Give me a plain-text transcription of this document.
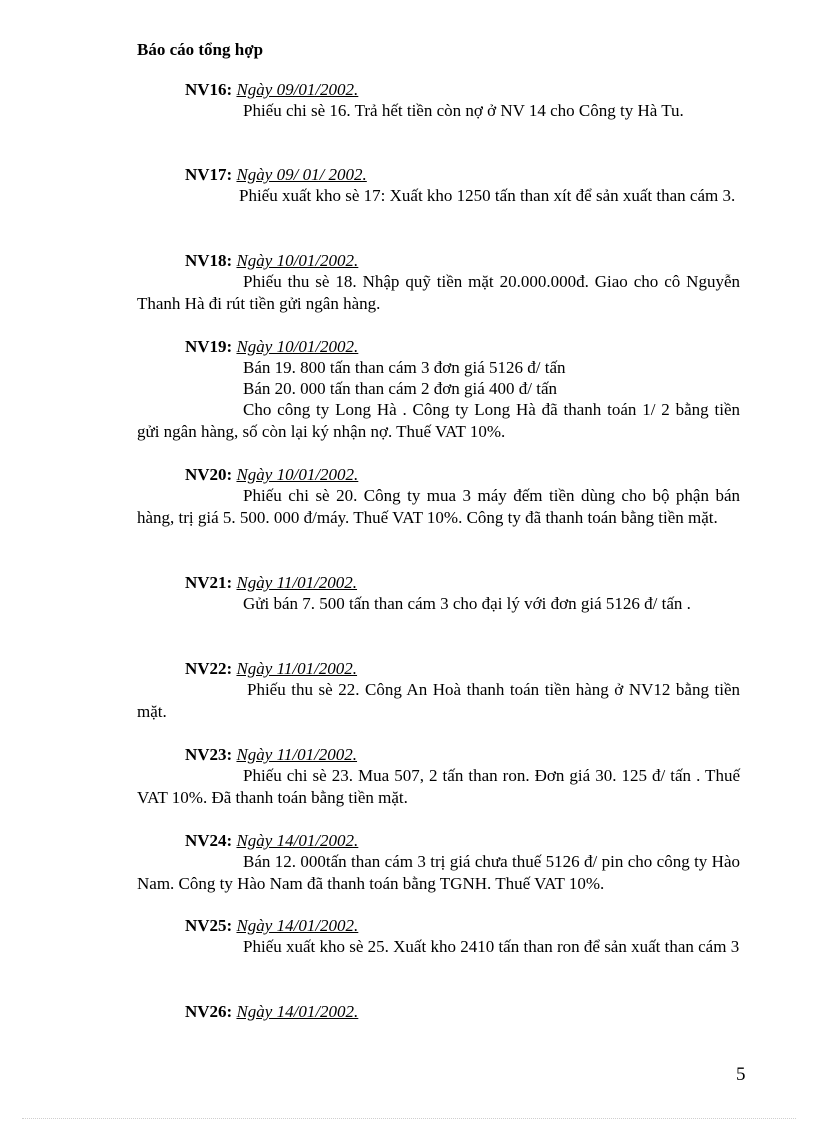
Báo cáo tổng hợp

NV16: Ngày 09/01/2002.

Phiếu chi sè 16. Trả hết tiền còn nợ ở NV 14 cho Công ty Hà Tu.

NV17: Ngày 09/ 01/ 2002.

Phiếu xuất kho sè 17: Xuất kho 1250 tấn than xít để sản xuất than cám 3.

NV18: Ngày 10/01/2002.

Phiếu thu sè 18. Nhập quỹ tiền mặt 20.000.000đ. Giao cho cô Nguyễn Thanh Hà đi rút tiền gửi ngân hàng.

NV19: Ngày 10/01/2002.

Bán 19. 800 tấn than cám 3 đơn giá 5126 đ/ tấn

Bán 20. 000 tấn than cám 2 đơn giá 400 đ/ tấn

Cho công ty Long Hà . Công ty Long Hà đã thanh toán 1/ 2 bằng tiền gửi ngân hàng, số còn lại ký nhận nợ. Thuế VAT 10%.

NV20: Ngày 10/01/2002.

Phiếu chi sè 20. Công ty mua 3 máy đếm tiền dùng cho bộ phận bán hàng, trị giá 5. 500. 000 đ/máy. Thuế VAT 10%. Công ty đã thanh toán bằng tiền mặt.

NV21: Ngày 11/01/2002.

Gửi bán 7. 500 tấn than cám 3 cho đại lý với đơn giá 5126 đ/ tấn .

NV22: Ngày 11/01/2002.

Phiếu thu sè 22. Công An Hoà thanh toán tiền hàng ở NV12 bằng tiền mặt.

NV23: Ngày 11/01/2002.

Phiếu chi sè 23. Mua 507, 2 tấn than ron. Đơn giá 30. 125 đ/ tấn . Thuế VAT 10%. Đã thanh toán bằng tiền mặt.

NV24: Ngày 14/01/2002.

Bán 12. 000tấn than cám 3 trị giá chưa thuế 5126 đ/ pin cho công ty Hào Nam. Công ty Hào Nam đã thanh toán bằng TGNH. Thuế VAT 10%.

NV25: Ngày 14/01/2002.

Phiếu xuất kho sè 25. Xuất kho 2410 tấn than ron để sản xuất than cám 3

NV26: Ngày 14/01/2002.

5
